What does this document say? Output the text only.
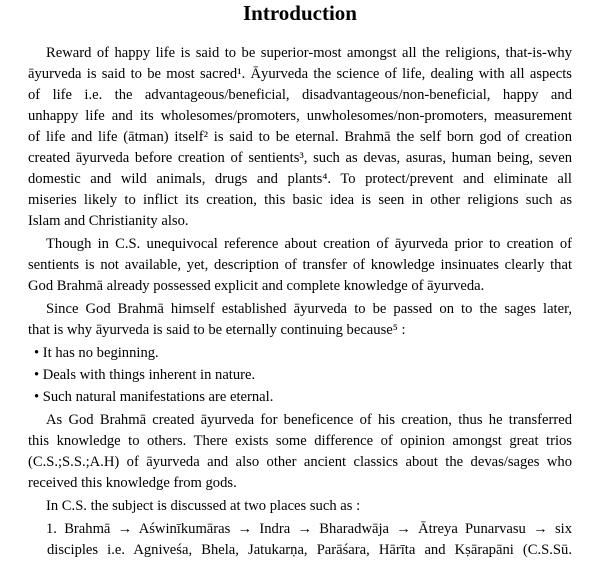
Introduction
Reward of happy life is said to be superior-most amongst all the religions, that-is-why
āyurveda is said to be most sacred¹. Āyurveda the science of life, dealing with all aspects
of life i.e. the advantageous/beneficial, disadvantageous/non-beneficial, happy and
unhappy life and its wholesomes/promoters, unwholesomes/non-promoters, measurement
of life and life (ātman) itself² is said to be eternal. Brahmā the self born god of creation
created āyurveda before creation of sentients³, such as devas, asuras, human being, seven
domestic and wild animals, drugs and plants⁴. To protect/prevent and eliminate all
miseries likely to inflict its creation, this basic idea is seen in other religions such as
Islam and Christianity also.
Though in C.S. unequivocal reference about creation of āyurveda prior to creation of
sentients is not available, yet, description of transfer of knowledge insinuates clearly that
God Brahmā already possessed explicit and complete knowledge of āyurveda.
Since God Brahmā himself established āyurveda to be passed on to the sages later,
that is why āyurveda is said to be eternally continuing because⁵ :
• It has no beginning.
• Deals with things inherent in nature.
• Such natural manifestations are eternal.
As God Brahmā created āyurveda for beneficence of his creation, thus he transferred
this knowledge to others. There exists some difference of opinion amongst great trios
(C.S.;S.S.;A.H) of āyurveda and also other ancient classics about the devas/sages who
received this knowledge from gods.
In C.S. the subject is discussed at two places such as :
1. Brahmā → Aświnīkumāras → Indra → Bharadwāja → Ātreya Punarvasu → six
disciples i.e. Agniveśa, Bhela, Jatukarṇa, Parāśara, Hārīta and Kṣārapāni (C.S.Sū.
